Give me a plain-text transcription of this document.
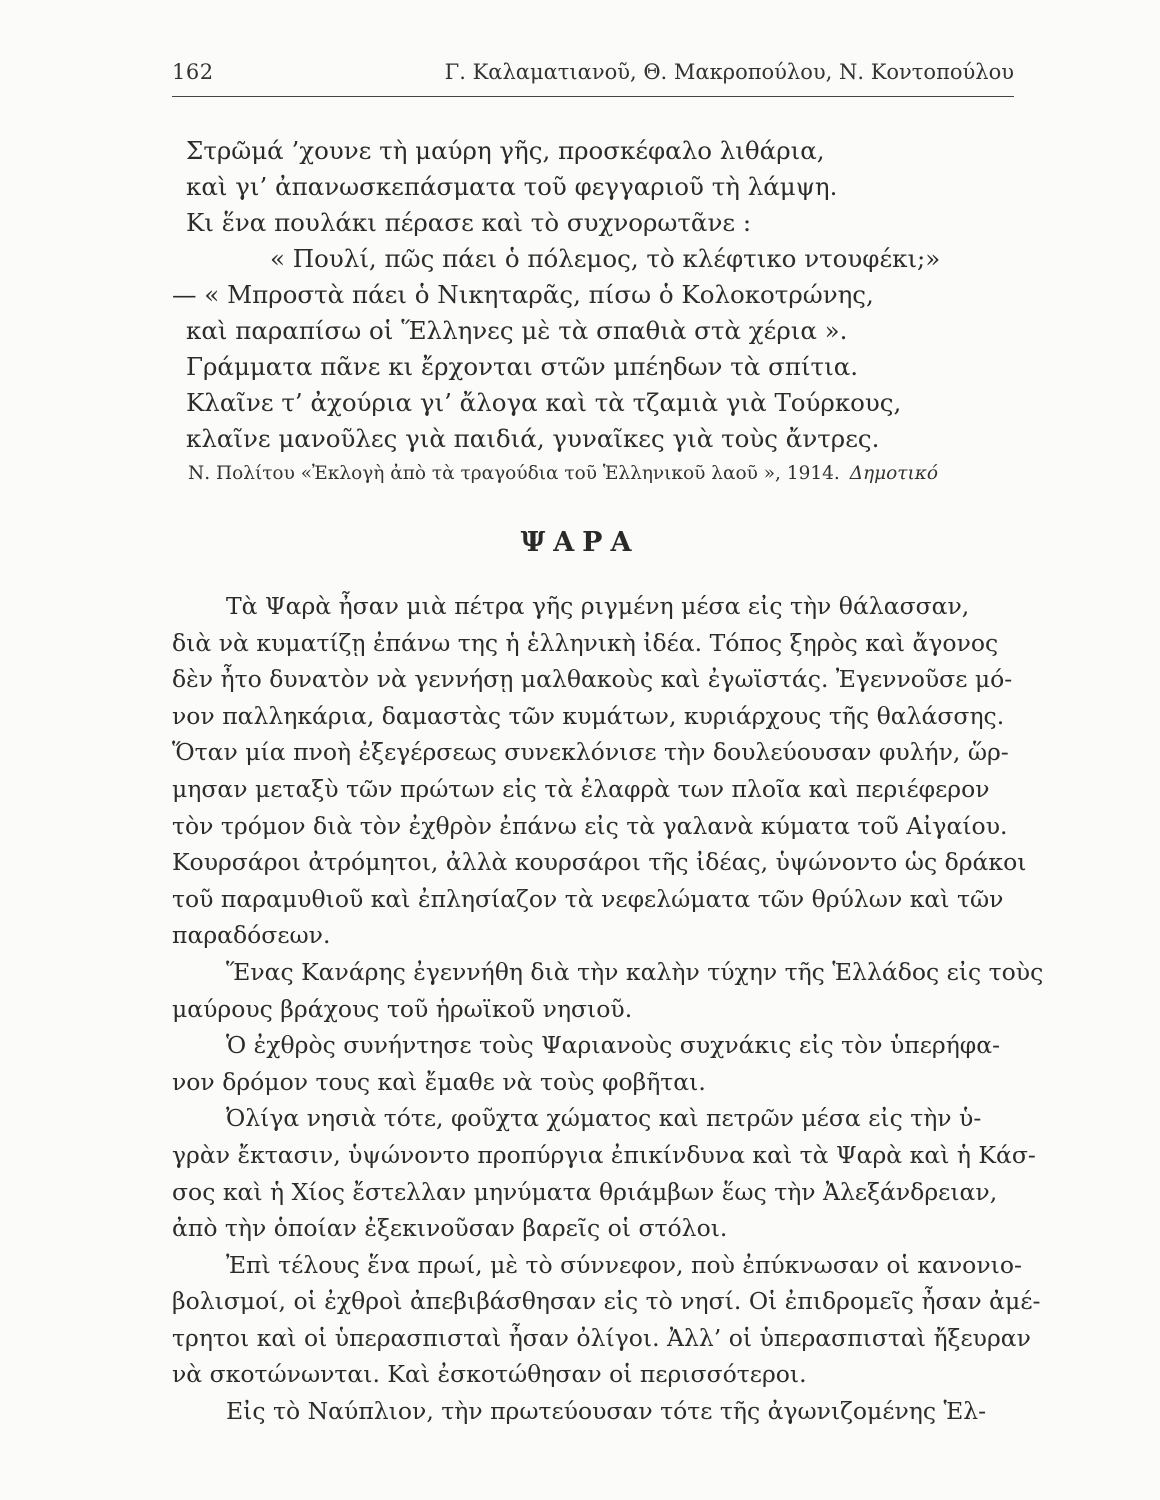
162	Γ. Καλαματιανοῦ, Θ. Μακροπούλου, Ν. Κοντοπούλου
Στρῶμά ’χουνε τὴ μαύρη γῆς, προσκέφαλο λιθάρια,
καὶ γι’ ἀπανωσκεπάσματα τοῦ φεγγαριοῦ τὴ λάμψη.
Κι ἕνα πουλάκι πέρασε καὶ τὸ συχνορωτᾶνε :
« Πουλί, πῶς πάει ὁ πόλεμος, τὸ κλέφτικο ντουφέκι;»
— « Μπροστὰ πάει ὁ Νικηταρᾶς, πίσω ὁ Κολοκοτρώνης,
καὶ παραπίσω οἱ Ἕλληνες μὲ τὰ σπαθιὰ στὰ χέρια ».
Γράμματα πᾶνε κι ἔρχονται στῶν μπέηδων τὰ σπίτια.
Κλαῖνε τ’ ἀχούρια γι’ ἄλογα καὶ τὰ τζαμιὰ γιὰ Τούρκους,
κλαῖνε μανοῦλες γιὰ παιδιά, γυναῖκες γιὰ τοὺς ἄντρες.
Ν. Πολίτου «Ἐκλογὴ ἀπὸ τὰ τραγούδια τοῦ Ἑλληνικοῦ λαοῦ », 1914. Δημοτικό
ΨΑΡΑ
Τὰ Ψαρὰ ἦσαν μιὰ πέτρα γῆς ριγμένη μέσα εἰς τὴν θάλασσαν,
διὰ νὰ κυματίζῃ ἐπάνω της ἡ ἑλληνικὴ ἰδέα. Τόπος ξηρὸς καὶ ἄγονος
δὲν ἦτο δυνατὸν νὰ γεννήσῃ μαλθακοὺς καὶ ἐγωϊστάς. Ἐγεννοῦσε μό-
νον παλληκάρια, δαμαστὰς τῶν κυμάτων, κυριάρχους τῆς θαλάσσης.
Ὅταν μία πνοὴ ἐξεγέρσεως συνεκλόνισε τὴν δουλεύουσαν φυλήν, ὥρ-
μησαν μεταξὺ τῶν πρώτων εἰς τὰ ἐλαφρὰ των πλοῖα καὶ περιέφερον
τὸν τρόμον διὰ τὸν ἐχθρὸν ἐπάνω εἰς τὰ γαλανὰ κύματα τοῦ Αἰγαίου.
Κουρσάροι ἀτρόμητοι, ἀλλὰ κουρσάροι τῆς ἰδέας, ὑψώνοντο ὡς δράκοι
τοῦ παραμυθιοῦ καὶ ἐπλησίαζον τὰ νεφελώματα τῶν θρύλων καὶ τῶν
παραδόσεων.
Ἕνας Κανάρης ἐγεννήθη διὰ τὴν καλὴν τύχην τῆς Ἑλλάδος εἰς τοὺς
μαύρους βράχους τοῦ ἡρωϊκοῦ νησιοῦ.
Ὁ ἐχθρὸς συνήντησε τοὺς Ψαριανοὺς συχνάκις εἰς τὸν ὑπερήφα-
νον δρόμον τους καὶ ἔμαθε νὰ τοὺς φοβῆται.
Ὀλίγα νησιὰ τότε, φοῦχτα χώματος καὶ πετρῶν μέσα εἰς τὴν ὑ-
γρὰν ἔκτασιν, ὑψώνοντο προπύργια ἐπικίνδυνα καὶ τὰ Ψαρὰ καὶ ἡ Κάσ-
σος καὶ ἡ Χίος ἔστελλαν μηνύματα θριάμβων ἕως τὴν Ἀλεξάνδρειαν,
ἀπὸ τὴν ὁποίαν ἐξεκινοῦσαν βαρεῖς οἱ στόλοι.
Ἐπὶ τέλους ἕνα πρωί, μὲ τὸ σύννεφον, ποὺ ἐπύκνωσαν οἱ κανονιο-
βολισμοί, οἱ ἐχθροὶ ἀπεβιβάσθησαν εἰς τὸ νησί. Οἱ ἐπιδρομεῖς ἦσαν ἀμέ-
τρητοι καὶ οἱ ὑπερασπισταὶ ἦσαν ὀλίγοι. Ἀλλ’ οἱ ὑπερασπισταὶ ἤξευραν
νὰ σκοτώνωνται. Καὶ ἐσκοτώθησαν οἱ περισσότεροι.
Εἰς τὸ Ναύπλιον, τὴν πρωτεύουσαν τότε τῆς ἀγωνιζομένης Ἑλ-
